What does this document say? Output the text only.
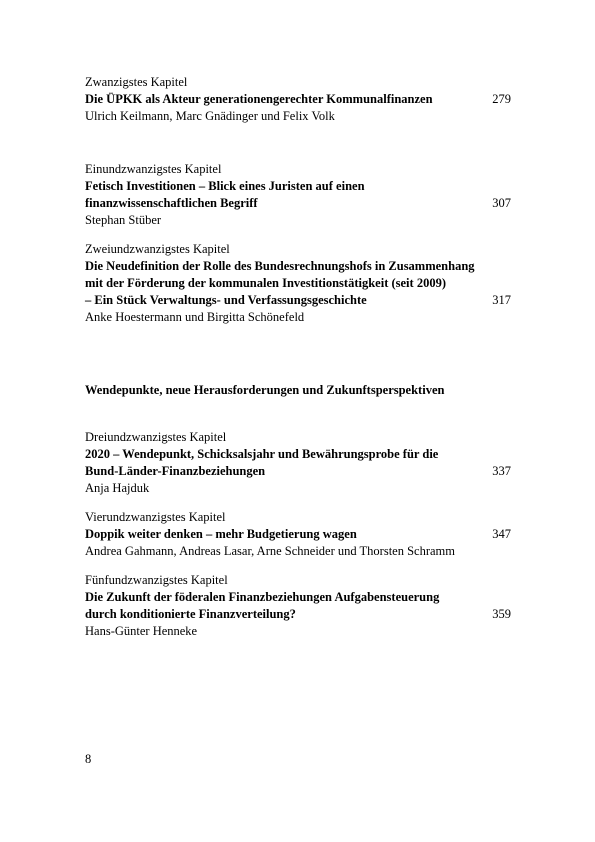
Zwanzigstes Kapitel
Die ÜPKK als Akteur generationengerechter Kommunalfinanzen	279
Ulrich Keilmann, Marc Gnädinger und Felix Volk
Einundzwanzigstes Kapitel
Fetisch Investitionen – Blick eines Juristen auf einen
finanzwissenschaftlichen Begriff	307
Stephan Stüber
Zweiundzwanzigstes Kapitel
Die Neudefinition der Rolle des Bundesrechnungshofs in Zusammenhang
mit der Förderung der kommunalen Investitionstätigkeit (seit 2009)
– Ein Stück Verwaltungs- und Verfassungsgeschichte	317
Anke Hoestermann und Birgitta Schönefeld
Wendepunkte, neue Herausforderungen und Zukunftsperspektiven
Dreiundzwanzigstes Kapitel
2020 – Wendepunkt, Schicksalsjahr und Bewährungsprobe für die
Bund-Länder-Finanzbeziehungen	337
Anja Hajduk
Vierundzwanzigstes Kapitel
Doppik weiter denken – mehr Budgetierung wagen	347
Andrea Gahmann, Andreas Lasar, Arne Schneider und Thorsten Schramm
Fünfundzwanzigstes Kapitel
Die Zukunft der föderalen Finanzbeziehungen Aufgabensteuerung
durch konditionierte Finanzverteilung?	359
Hans-Günter Henneke
8
